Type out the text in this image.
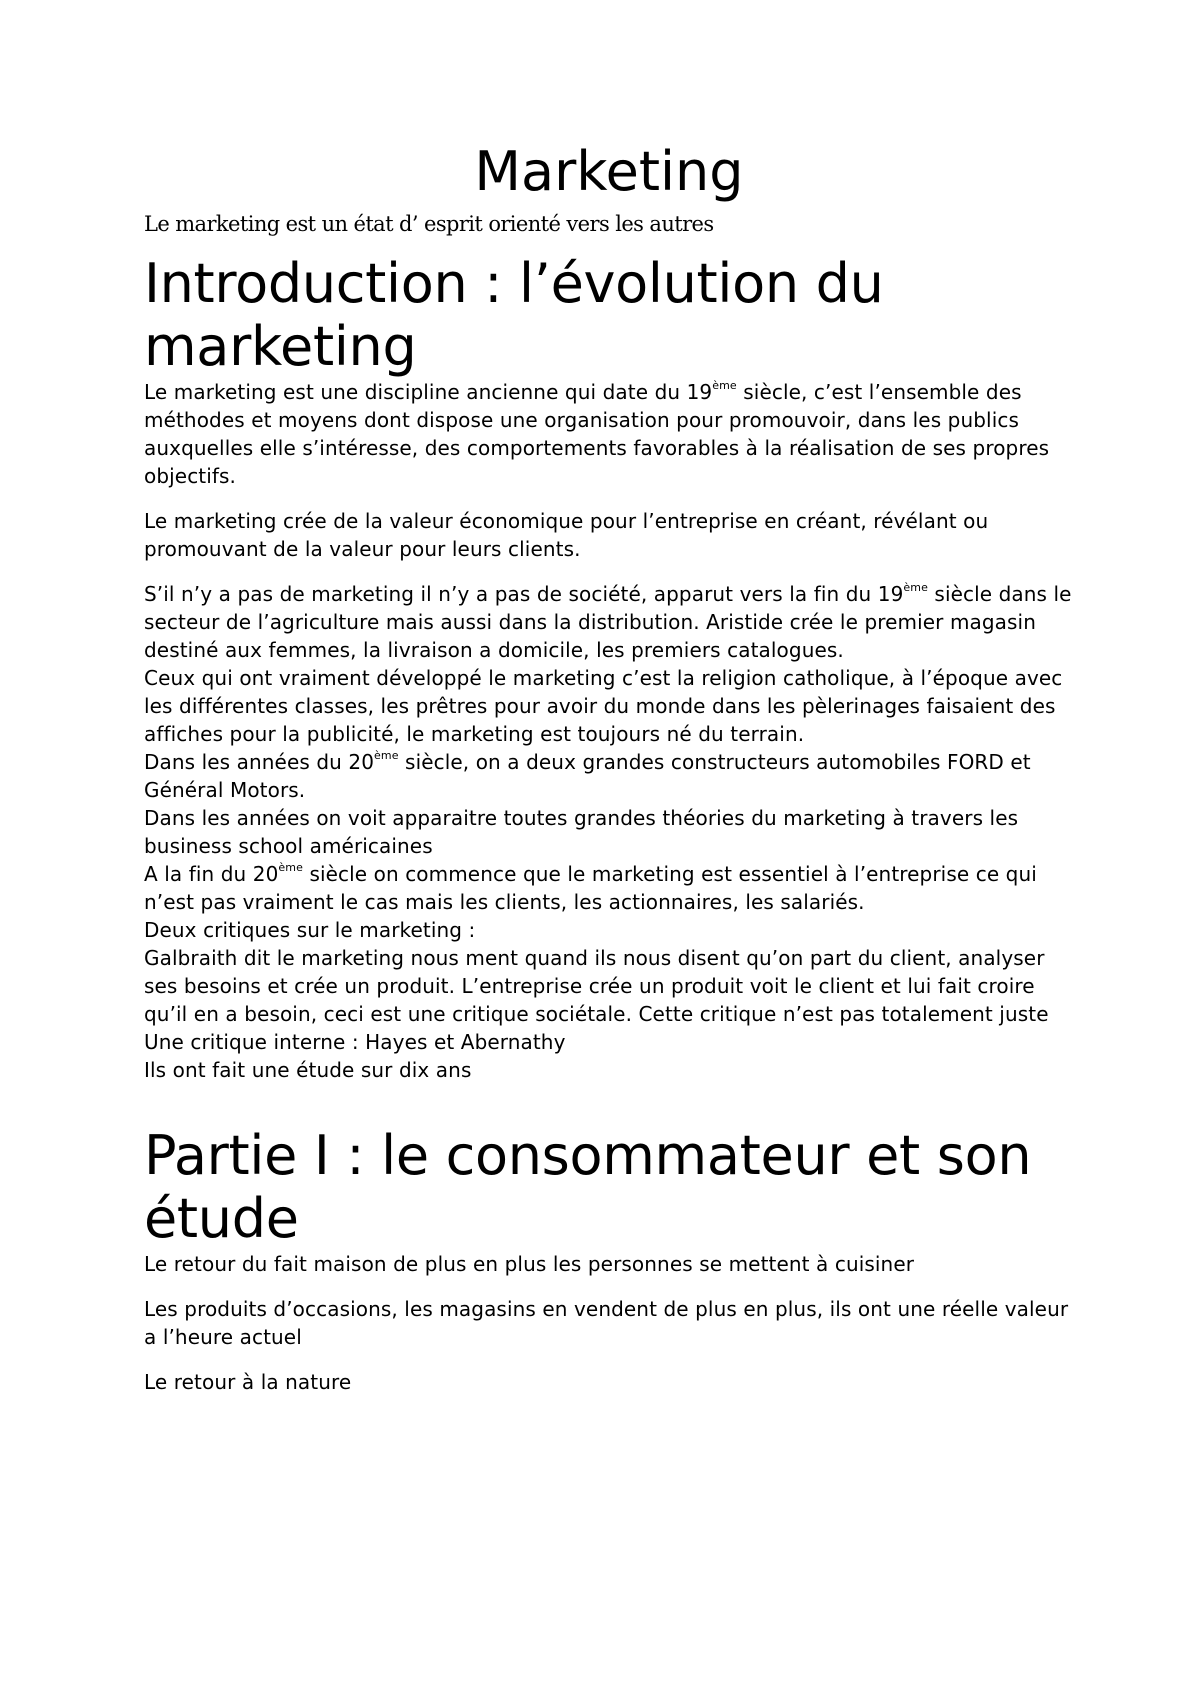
Marketing

Le marketing est un état d’ esprit orienté vers les autres

Introduction : l’évolution du marketing

Le marketing est une discipline ancienne qui date du 19ème siècle, c’est l’ensemble des méthodes et moyens dont dispose une organisation pour promouvoir, dans les publics auxquelles elle s’intéresse, des comportements favorables à la réalisation de ses propres objectifs.

Le marketing crée de la valeur économique pour l’entreprise en créant, révélant ou promouvant de la valeur pour leurs clients.

S’il n’y a pas de marketing il n’y a pas de société, apparut vers la fin du 19ème siècle dans le secteur de l’agriculture mais aussi dans la distribution. Aristide crée le premier magasin destiné aux femmes, la livraison a domicile, les premiers catalogues.

Ceux qui ont vraiment développé le marketing c’est la religion catholique, à l’époque avec les différentes classes, les prêtres pour avoir du monde dans les pèlerinages faisaient des affiches pour la publicité, le marketing est toujours né du terrain.

Dans les années du 20ème siècle, on a deux grandes constructeurs automobiles FORD et Général Motors.

Dans les années on voit apparaitre toutes grandes théories du marketing à travers les business school américaines

A la fin du 20ème siècle on commence que le marketing est essentiel à l’entreprise ce qui n’est pas vraiment le cas mais les clients, les actionnaires, les salariés.

Deux critiques sur le marketing :

Galbraith dit le marketing nous ment quand ils nous disent qu’on part du client, analyser ses besoins et crée un produit. L’entreprise crée un produit voit le client et lui fait croire qu’il en a besoin, ceci est une critique sociétale. Cette critique n’est pas totalement juste

Une critique interne : Hayes et Abernathy

Ils ont fait une étude sur dix ans

Partie I : le consommateur et son étude

Le retour du fait maison de plus en plus les personnes se mettent à cuisiner

Les produits d’occasions, les magasins en vendent de plus en plus, ils ont une réelle valeur a l’heure actuel

Le retour à la nature
